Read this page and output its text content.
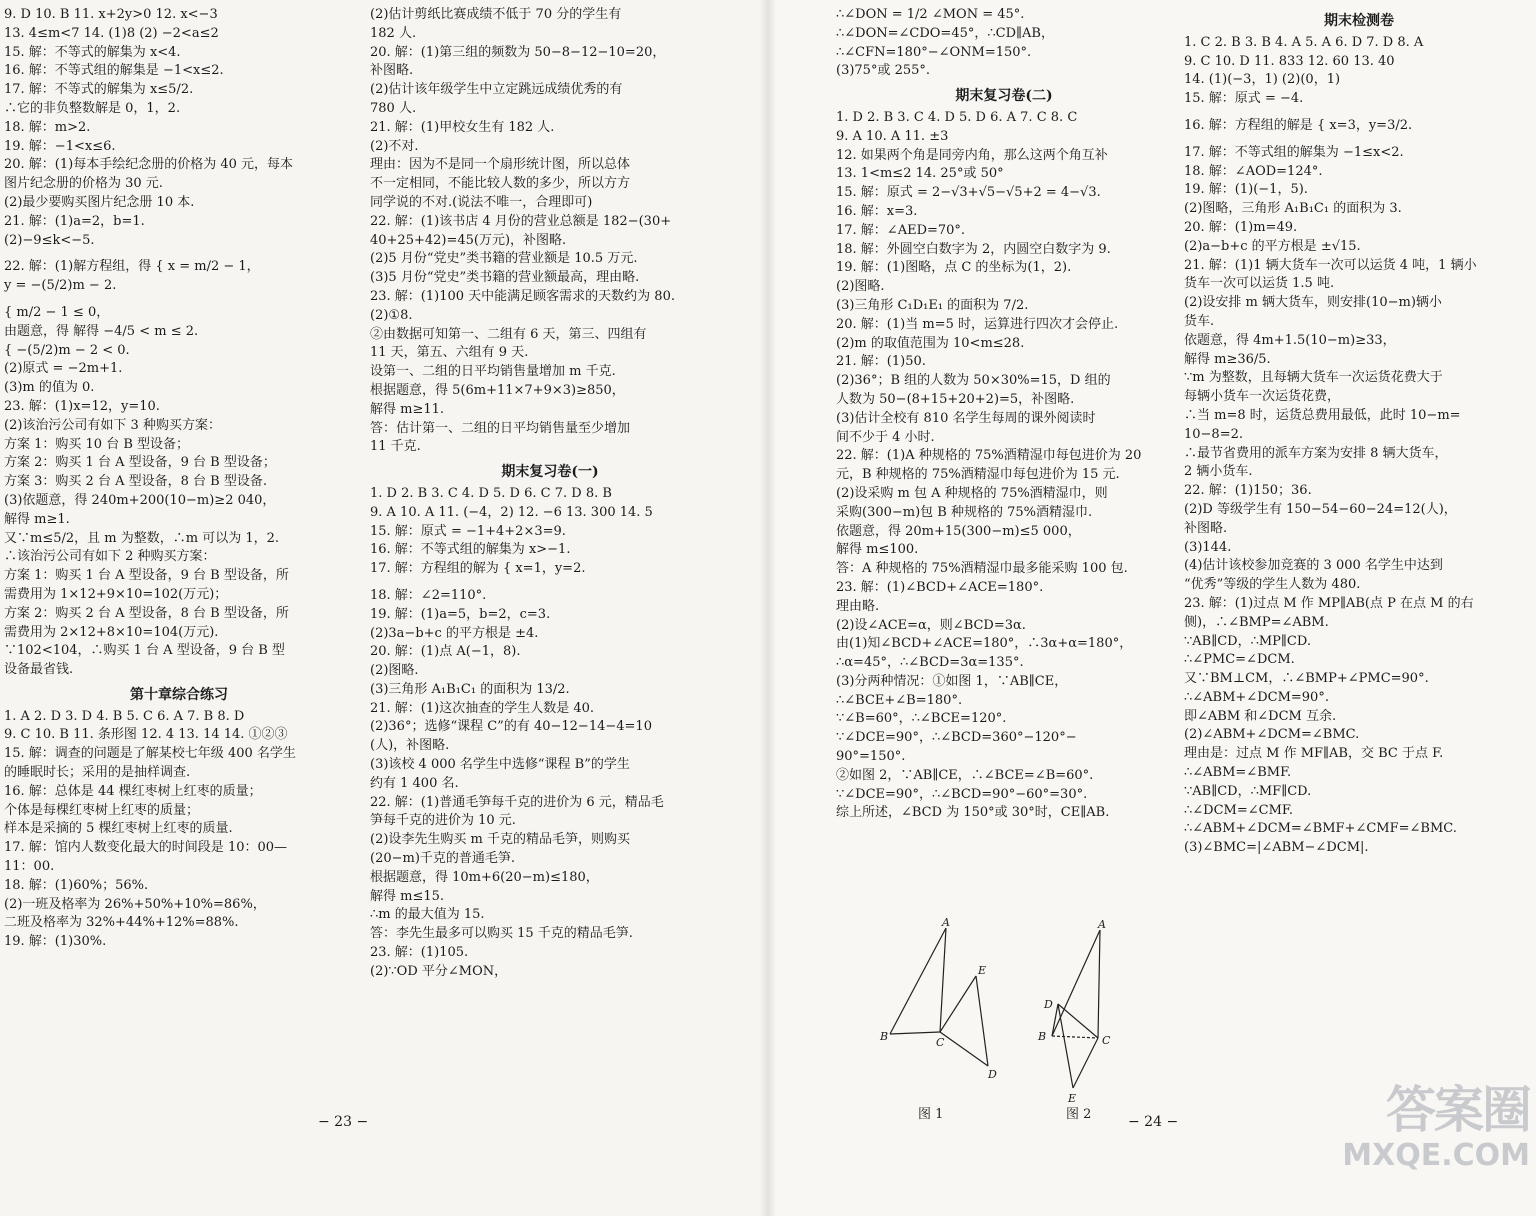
9. D 10. B 11. x+2y>0 12. x<−3
13. 4≤m<7 14. (1)8 (2) −2<a≤2
15. 解：不等式的解集为 x<4.
16. 解：不等式组的解集是 −1<x≤2.
17. 解：不等式的解集为 x≤5/2.
∴它的非负整数解是 0，1，2.
18. 解：m>2.
19. 解：−1<x≤6.
20. 解：(1)每本手绘纪念册的价格为 40 元，每本
图片纪念册的价格为 30 元.
(2)最少要购买图片纪念册 10 本.
21. 解：(1)a=2，b=1.
(2)−9≤k<−5.
22. 解：(1)解方程组，得 { x = m/2 − 1，
y = −(5/2)m − 2.
{ m/2 − 1 ≤ 0，
由题意，得 解得 −4/5 < m ≤ 2.
{ −(5/2)m − 2 < 0.
(2)原式 = −2m+1.
(3)m 的值为 0.
23. 解：(1)x=12，y=10.
(2)该治污公司有如下 3 种购买方案：
方案 1：购买 10 台 B 型设备；
方案 2：购买 1 台 A 型设备，9 台 B 型设备；
方案 3：购买 2 台 A 型设备，8 台 B 型设备.
(3)依题意，得 240m+200(10−m)≥2 040，
解得 m≥1.
又∵m≤5/2，且 m 为整数，∴m 可以为 1，2.
∴该治污公司有如下 2 种购买方案：
方案 1：购买 1 台 A 型设备，9 台 B 型设备，所
需费用为 1×12+9×10=102(万元)；
方案 2：购买 2 台 A 型设备，8 台 B 型设备，所
需费用为 2×12+8×10=104(万元).
∵102<104，∴购买 1 台 A 型设备，9 台 B 型
设备最省钱.
第十章综合练习
1. A 2. D 3. D 4. B 5. C 6. A 7. B 8. D
9. C 10. B 11. 条形图 12. 4 13. 14 14. ①②③
15. 解：调查的问题是了解某校七年级 400 名学生
的睡眠时长；采用的是抽样调查.
16. 解：总体是 44 棵红枣树上红枣的质量；
个体是每棵红枣树上红枣的质量；
样本是采摘的 5 棵红枣树上红枣的质量.
17. 解：馆内人数变化最大的时间段是 10：00—
11：00.
18. 解：(1)60%；56%.
(2)一班及格率为 26%+50%+10%=86%，
二班及格率为 32%+44%+12%=88%.
19. 解：(1)30%.
(2)估计剪纸比赛成绩不低于 70 分的学生有
182 人.
20. 解：(1)第三组的频数为 50−8−12−10=20，
补图略.
(2)估计该年级学生中立定跳远成绩优秀的有
780 人.
21. 解：(1)甲校女生有 182 人.
(2)不对.
理由：因为不是同一个扇形统计图，所以总体
不一定相同，不能比较人数的多少，所以方方
同学说的不对.(说法不唯一，合理即可)
22. 解：(1)该书店 4 月份的营业总额是 182−(30+
40+25+42)=45(万元)，补图略.
(2)5 月份“党史”类书籍的营业额是 10.5 万元.
(3)5 月份“党史”类书籍的营业额最高，理由略.
23. 解：(1)100 天中能满足顾客需求的天数约为 80.
(2)①8.
②由数据可知第一、二组有 6 天，第三、四组有
11 天，第五、六组有 9 天.
设第一、二组的日平均销售量增加 m 千克.
根据题意，得 5(6m+11×7+9×3)≥850，
解得 m≥11.
答：估计第一、二组的日平均销售量至少增加
11 千克.
期末复习卷(一)
1. D 2. B 3. C 4. D 5. D 6. C 7. D 8. B
9. A 10. A 11. (−4，2) 12. −6 13. 300 14. 5
15. 解：原式 = −1+4+2×3=9.
16. 解：不等式组的解集为 x>−1.
17. 解：方程组的解为 { x=1，y=2.
18. 解：∠2=110°.
19. 解：(1)a=5，b=2，c=3.
(2)3a−b+c 的平方根是 ±4.
20. 解：(1)点 A(−1，8).
(2)图略.
(3)三角形 A₁B₁C₁ 的面积为 13/2.
21. 解：(1)这次抽查的学生人数是 40.
(2)36°；选修“课程 C”的有 40−12−14−4=10
(人)，补图略.
(3)该校 4 000 名学生中选修“课程 B”的学生
约有 1 400 名.
22. 解：(1)普通毛笋每千克的进价为 6 元，精品毛
笋每千克的进价为 10 元.
(2)设李先生购买 m 千克的精品毛笋，则购买
(20−m)千克的普通毛笋.
根据题意，得 10m+6(20−m)≤180，
解得 m≤15.
∴m 的最大值为 15.
答：李先生最多可以购买 15 千克的精品毛笋.
23. 解：(1)105.
(2)∵OD 平分∠MON，
∴∠DON = 1/2 ∠MON = 45°.
∴∠DON=∠CDO=45°，∴CD∥AB，
∴∠CFN=180°−∠ONM=150°.
(3)75°或 255°.
期末复习卷(二)
1. D 2. B 3. C 4. D 5. D 6. A 7. C 8. C
9. A 10. A 11. ±3
12. 如果两个角是同旁内角，那么这两个角互补
13. 1<m≤2 14. 25°或 50°
15. 解：原式 = 2−√3+√5−√5+2 = 4−√3.
16. 解：x=3.
17. 解：∠AED=70°.
18. 解：外圆空白数字为 2，内圆空白数字为 9.
19. 解：(1)图略，点 C 的坐标为(1，2).
(2)图略.
(3)三角形 C₁D₁E₁ 的面积为 7/2.
20. 解：(1)当 m=5 时，运算进行四次才会停止.
(2)m 的取值范围为 10<m≤28.
21. 解：(1)50.
(2)36°；B 组的人数为 50×30%=15，D 组的
人数为 50−(8+15+20+2)=5，补图略.
(3)估计全校有 810 名学生每周的课外阅读时
间不少于 4 小时.
22. 解：(1)A 种规格的 75%酒精湿巾每包进价为 20
元，B 种规格的 75%酒精湿巾每包进价为 15 元.
(2)设采购 m 包 A 种规格的 75%酒精湿巾，则
采购(300−m)包 B 种规格的 75%酒精湿巾.
依题意，得 20m+15(300−m)≤5 000，
解得 m≤100.
答：A 种规格的 75%酒精湿巾最多能采购 100 包.
23. 解：(1)∠BCD+∠ACE=180°.
理由略.
(2)设∠ACE=α，则∠BCD=3α.
由(1)知∠BCD+∠ACE=180°，∴3α+α=180°，
∴α=45°，∴∠BCD=3α=135°.
(3)分两种情况：①如图 1，∵AB∥CE，
∴∠BCE+∠B=180°.
∵∠B=60°，∴∠BCE=120°.
∵∠DCE=90°，∴∠BCD=360°−120°−
90°=150°.
②如图 2，∵AB∥CE，∴∠BCE=∠B=60°.
∵∠DCE=90°，∴∠BCD=90°−60°=30°.
综上所述，∠BCD 为 150°或 30°时，CE∥AB.
期末检测卷
1. C 2. B 3. B 4. A 5. A 6. D 7. D 8. A
9. C 10. D 11. 833 12. 60 13. 40
14. (1)(−3，1) (2)(0，1)
15. 解：原式 = −4.
16. 解：方程组的解是 { x=3，y=3/2.
17. 解：不等式组的解集为 −1≤x<2.
18. 解：∠AOD=124°.
19. 解：(1)(−1，5).
(2)图略，三角形 A₁B₁C₁ 的面积为 3.
20. 解：(1)m=49.
(2)a−b+c 的平方根是 ±√15.
21. 解：(1)1 辆大货车一次可以运货 4 吨，1 辆小
货车一次可以运货 1.5 吨.
(2)设安排 m 辆大货车，则安排(10−m)辆小
货车.
依题意，得 4m+1.5(10−m)≥33，
解得 m≥36/5.
∵m 为整数，且每辆大货车一次运货花费大于
每辆小货车一次运货花费，
∴当 m=8 时，运货总费用最低，此时 10−m=
10−8=2.
∴最节省费用的派车方案为安排 8 辆大货车，
2 辆小货车.
22. 解：(1)150；36.
(2)D 等级学生有 150−54−60−24=12(人)，
补图略.
(3)144.
(4)估计该校参加竞赛的 3 000 名学生中达到
“优秀”等级的学生人数为 480.
23. 解：(1)过点 M 作 MP∥AB(点 P 在点 M 的右
侧)，∴∠BMP=∠ABM.
∵AB∥CD，∴MP∥CD.
∴∠PMC=∠DCM.
又∵BM⊥CM，∴∠BMP+∠PMC=90°.
∴∠ABM+∠DCM=90°.
即∠ABM 和∠DCM 互余.
(2)∠ABM+∠DCM=∠BMC.
理由是：过点 M 作 MF∥AB，交 BC 于点 F.
∴∠ABM=∠BMF.
∵AB∥CD，∴MF∥CD.
∴∠DCM=∠CMF.
∴∠ABM+∠DCM=∠BMF+∠CMF=∠BMC.
(3)∠BMC=|∠ABM−∠DCM|.
− 23 −	− 24 −
A
B	C
E
D
A
D
B	C
E
图 1	图 2	答案圈
MXQE.COM
